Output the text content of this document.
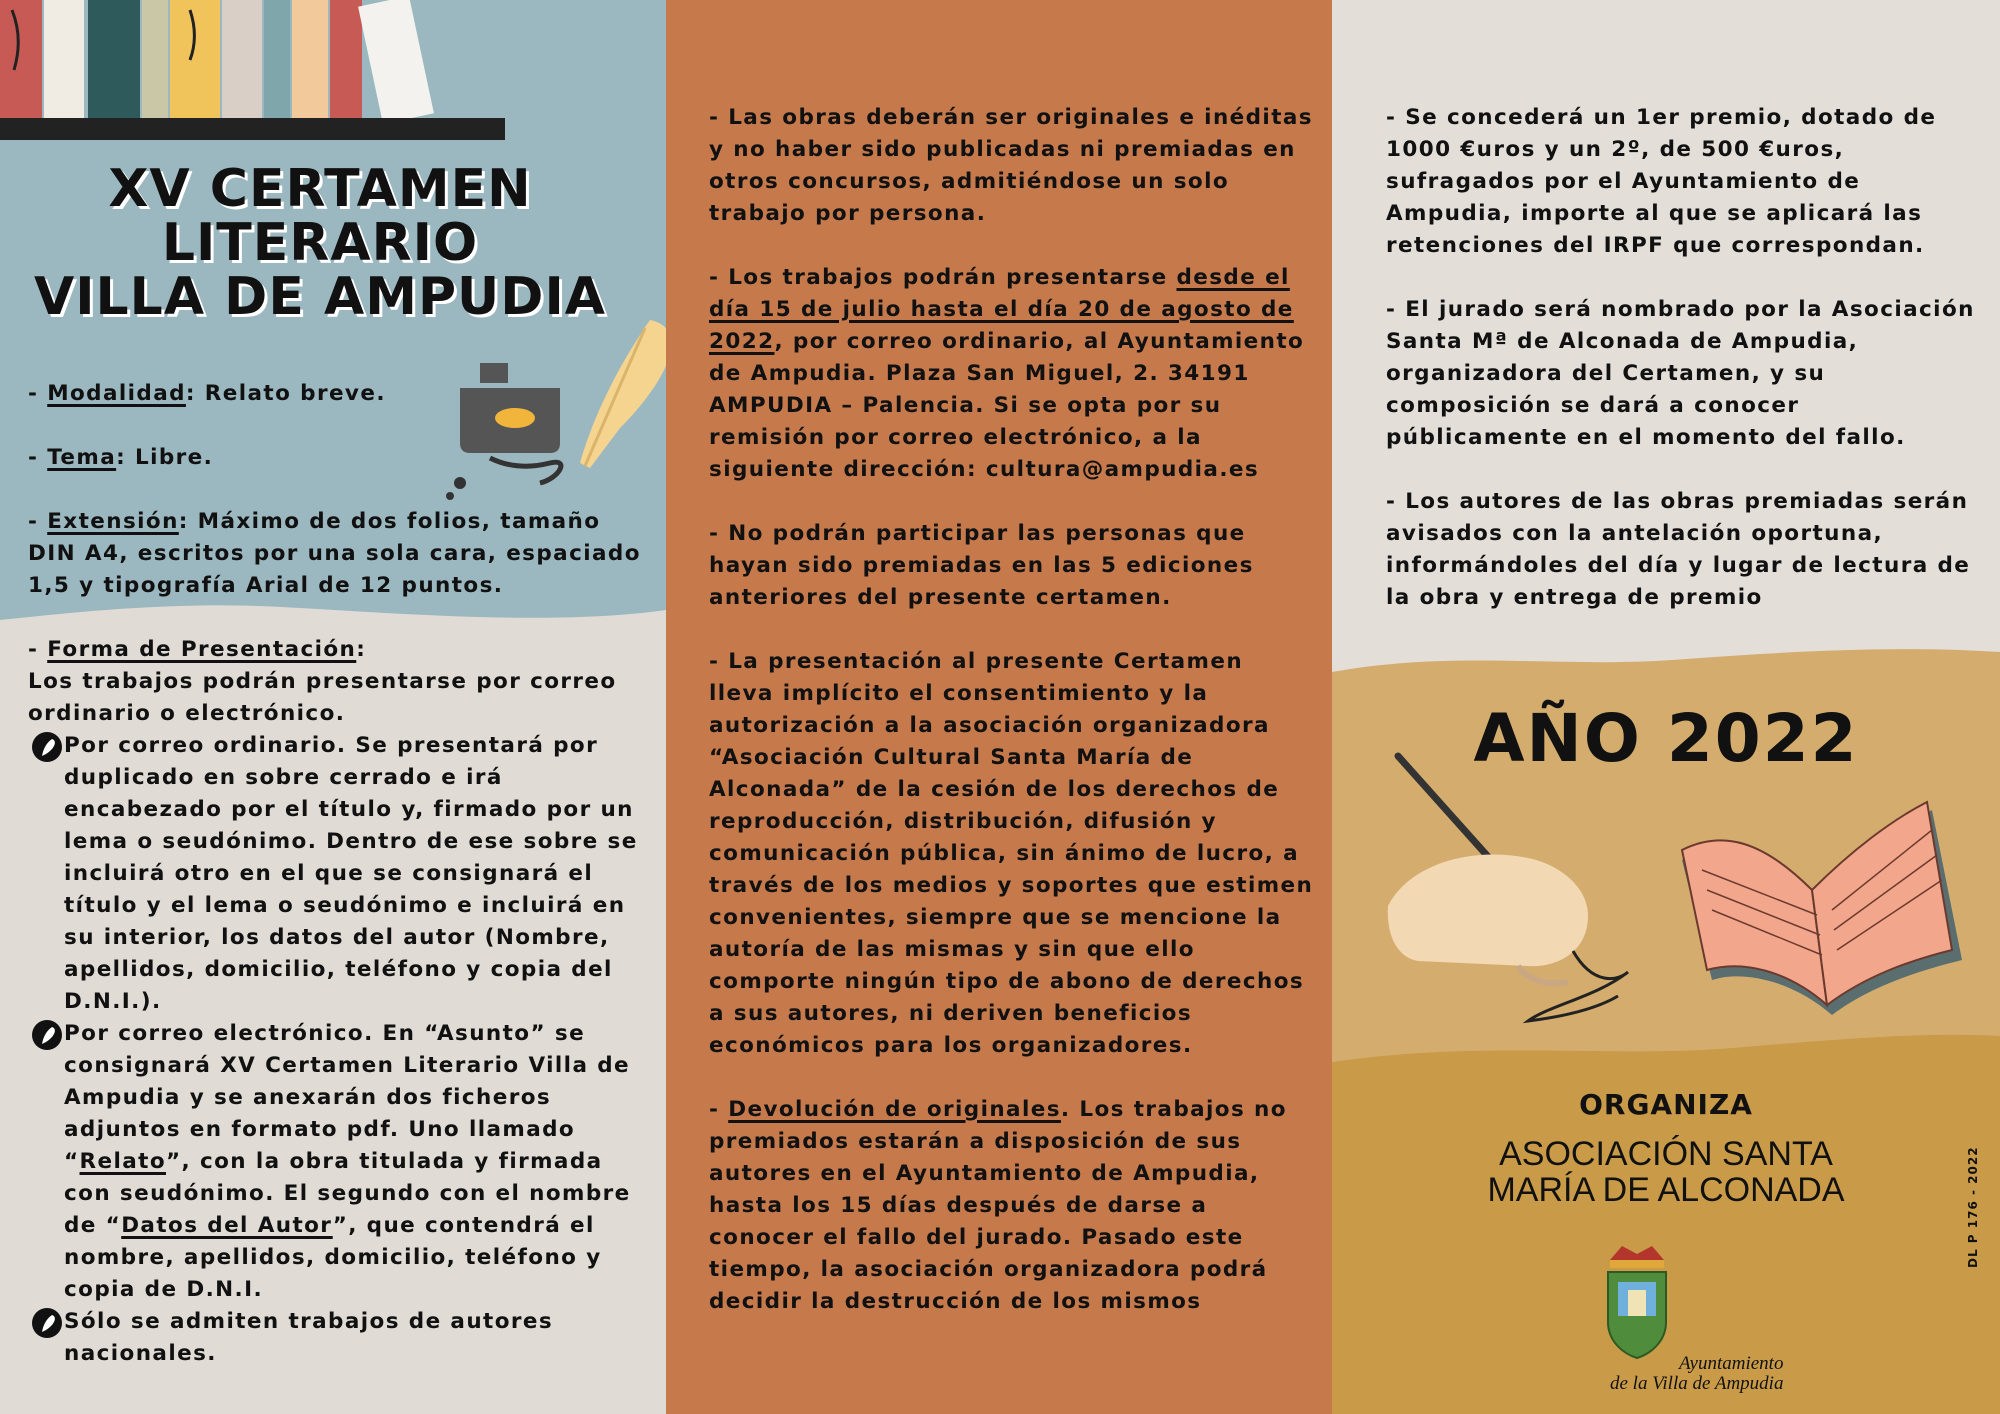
XV CERTAMEN
LITERARIO
VILLA DE AMPUDIA

- Modalidad: Relato breve.

- Tema: Libre.

- Extensión: Máximo de dos folios, tamaño DIN A4, escritos por una sola cara, espaciado 1,5 y tipografía Arial de 12 puntos.

- Forma de Presentación:
Los trabajos podrán presentarse por correo ordinario o electrónico.
Por correo ordinario. Se presentará por duplicado en sobre cerrado e irá encabezado por el título y, firmado por un lema o seudónimo. Dentro de ese sobre se incluirá otro en el que se consignará el título y el lema o seudónimo e incluirá en su interior, los datos del autor (Nombre, apellidos, domicilio, teléfono y copia del D.N.I.).
Por correo electrónico. En “Asunto” se consignará XV Certamen Literario Villa de Ampudia y se anexarán dos ficheros adjuntos en formato pdf. Uno llamado “Relato”, con la obra titulada y firmada con seudónimo. El segundo con el nombre de “Datos del Autor”, que contendrá el nombre, apellidos, domicilio, teléfono y copia de D.N.I.
Sólo se admiten trabajos de autores nacionales.

- Las obras deberán ser originales e inéditas y no haber sido publicadas ni premiadas en otros concursos, admitiéndose un solo trabajo por persona.

- Los trabajos podrán presentarse desde el día 15 de julio hasta el día 20 de agosto de 2022, por correo ordinario, al Ayuntamiento de Ampudia. Plaza San Miguel, 2. 34191 AMPUDIA – Palencia. Si se opta por su remisión por correo electrónico, a la siguiente dirección: cultura@ampudia.es

- No podrán participar las personas que hayan sido premiadas en las 5 ediciones anteriores del presente certamen.

- La presentación al presente Certamen lleva implícito el consentimiento y la autorización a la asociación organizadora “Asociación Cultural Santa María de Alconada” de la cesión de los derechos de reproducción, distribución, difusión y comunicación pública, sin ánimo de lucro, a través de los medios y soportes que estimen convenientes, siempre que se mencione la autoría de las mismas y sin que ello comporte ningún tipo de abono de derechos a sus autores, ni deriven beneficios económicos para los organizadores.

- Devolución de originales. Los trabajos no premiados estarán a disposición de sus autores en el Ayuntamiento de Ampudia, hasta los 15 días después de darse a conocer el fallo del jurado. Pasado este tiempo, la asociación organizadora podrá decidir la destrucción de los mismos

- Se concederá un 1er premio, dotado de 1000 €uros y un 2º, de 500 €uros, sufragados por el Ayuntamiento de Ampudia, importe al que se aplicará las retenciones del IRPF que correspondan.

- El jurado será nombrado por la Asociación Santa Mª de Alconada de Ampudia, organizadora del Certamen, y su composición se dará a conocer públicamente en el momento del fallo.

- Los autores de las obras premiadas serán avisados con la antelación oportuna, informándoles del día y lugar de lectura de la obra y entrega de premio

AÑO 2022
ORGANIZA
ASOCIACIÓN SANTA
MARÍA DE ALCONADA
Ayuntamiento
de la Villa de Ampudia
DL P 176 - 2022
